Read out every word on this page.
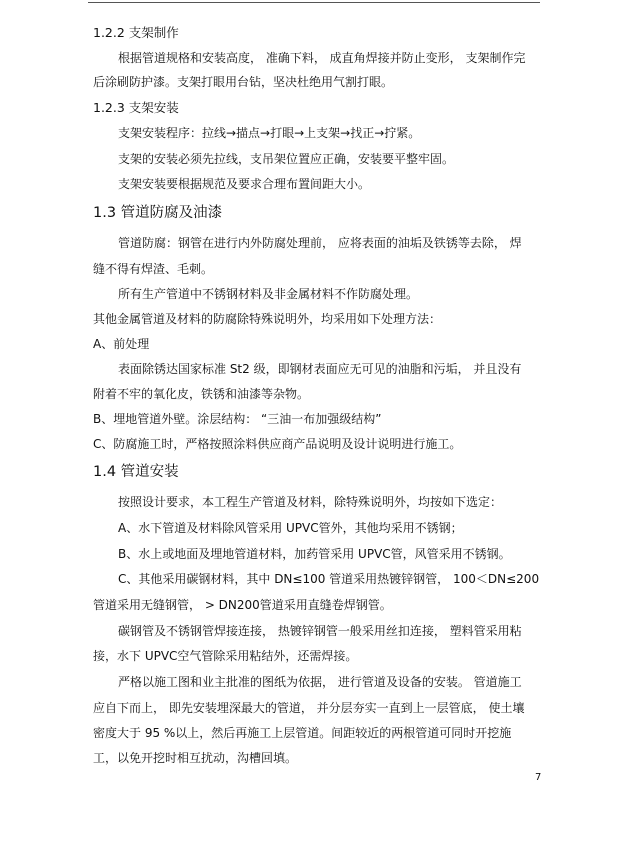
1.2.2 支架制作
根据管道规格和安装高度， 准确下料， 成直角焊接并防止变形， 支架制作完
后涂刷防护漆。支架打眼用台钻，坚决杜绝用气割打眼。
1.2.3 支架安装
支架安装程序：拉线→描点→打眼→上支架→找正→拧紧。
支架的安装必须先拉线，支吊架位置应正确，安装要平整牢固。
支架安装要根据规范及要求合理布置间距大小。
1.3 管道防腐及油漆
管道防腐：钢管在进行内外防腐处理前， 应将表面的油垢及铁锈等去除， 焊
缝不得有焊渣、毛刺。
所有生产管道中不锈钢材料及非金属材料不作防腐处理。
其他金属管道及材料的防腐除特殊说明外，均采用如下处理方法：
A、前处理
表面除锈达国家标准 St2 级，即钢材表面应无可见的油脂和污垢， 并且没有
附着不牢的氧化皮，铁锈和油漆等杂物。
B、埋地管道外壁。涂层结构： “三油一布加强级结构”
C、防腐施工时，严格按照涂料供应商产品说明及设计说明进行施工。
1.4 管道安装
按照设计要求，本工程生产管道及材料，除特殊说明外，均按如下选定：
A、水下管道及材料除风管采用 UPVC管外，其他均采用不锈钢；
B、水上或地面及埋地管道材料，加药管采用 UPVC管，风管采用不锈钢。
C、其他采用碳钢材料，其中 DN≤100 管道采用热镀锌钢管， 100＜DN≤200
管道采用无缝钢管， > DN200管道采用直缝卷焊钢管。
碳钢管及不锈钢管焊接连接， 热镀锌钢管一般采用丝扣连接， 塑料管采用粘
接，水下 UPVC空气管除采用粘结外，还需焊接。
严格以施工图和业主批准的图纸为依据， 进行管道及设备的安装。 管道施工
应自下而上， 即先安装埋深最大的管道， 并分层夯实一直到上一层管底， 使土壤
密度大于 95 %以上，然后再施工上层管道。间距较近的两根管道可同时开挖施
工，以免开挖时相互扰动，沟槽回填。
7
